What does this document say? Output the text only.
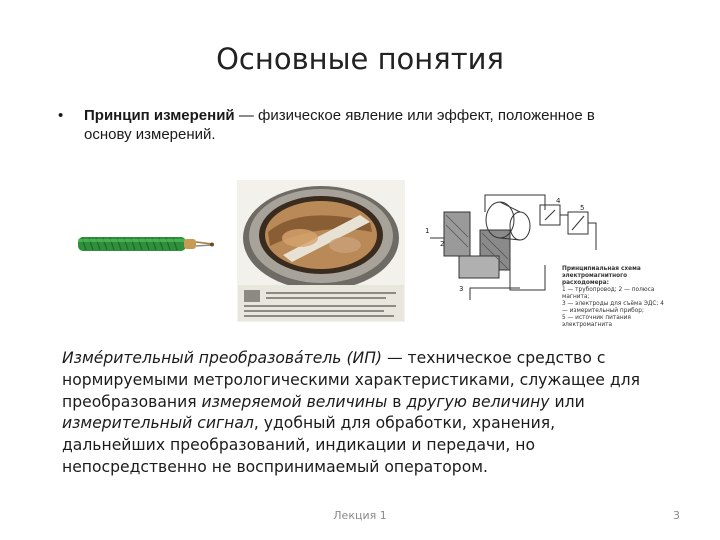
Основные понятия
• Принцип измерений — физическое явление или эффект, положенное в основу измерений.
1
2
3
4
5
Принципиальная схема электромагнитного расходомера:
1 — трубопровод; 2 — полюса магнита;
3 — электроды для съёма ЭДС; 4 — измерительный прибор;
5 — источник питания электромагнита
Изме́рительный преобразова́тель (ИП) — техническое средство с нормируемыми метрологическими характеристиками, служащее для преобразования измеряемой величины в другую величину или измерительный сигнал, удобный для обработки, хранения, дальнейших преобразований, индикации и передачи, но непосредственно не воспринимаемый оператором.
Лекция 1	3
